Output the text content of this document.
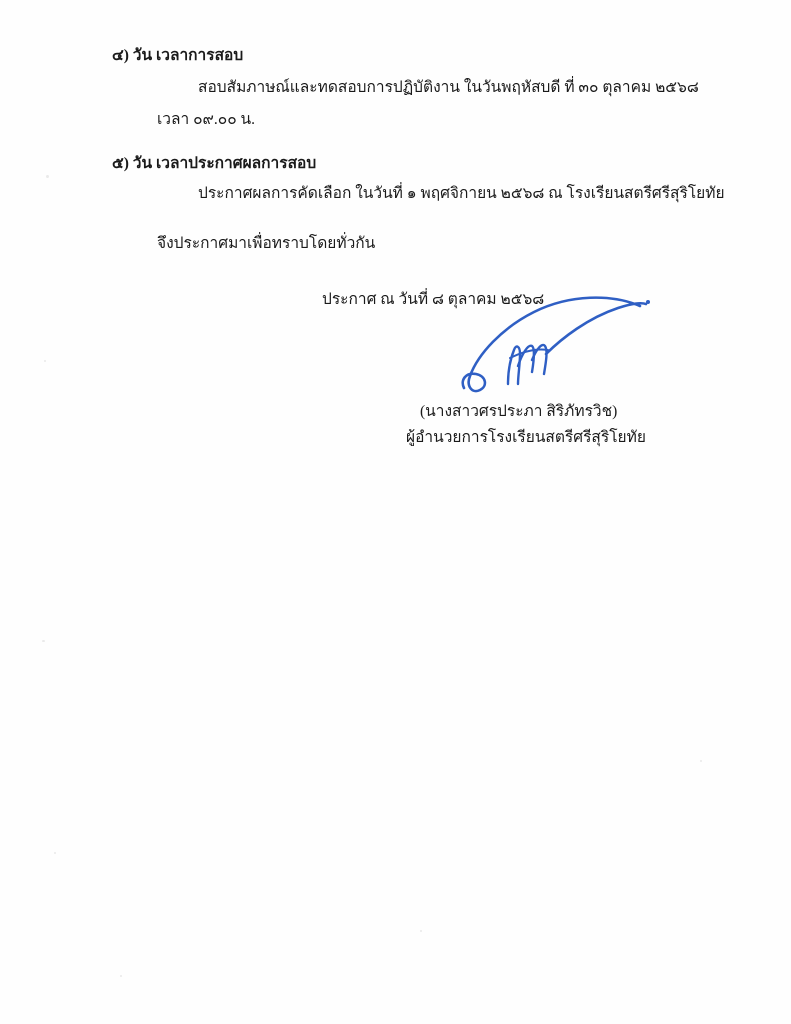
๔) วัน เวลาการสอบ
สอบสัมภาษณ์และทดสอบการปฏิบัติงาน ในวันพฤหัสบดี ที่ ๓๐ ตุลาคม ๒๕๖๘
เวลา ๐๙.๐๐ น.
๕) วัน เวลาประกาศผลการสอบ
ประกาศผลการคัดเลือก ในวันที่ ๑ พฤศจิกายน ๒๕๖๘ ณ โรงเรียนสตรีศรีสุริโยทัย
จึงประกาศมาเพื่อทราบโดยทั่วกัน
ประกาศ ณ วันที่ ๘ ตุลาคม ๒๕๖๘
(นางสาวศรประภา สิริภัทรวิช)
ผู้อำนวยการโรงเรียนสตรีศรีสุริโยทัย
